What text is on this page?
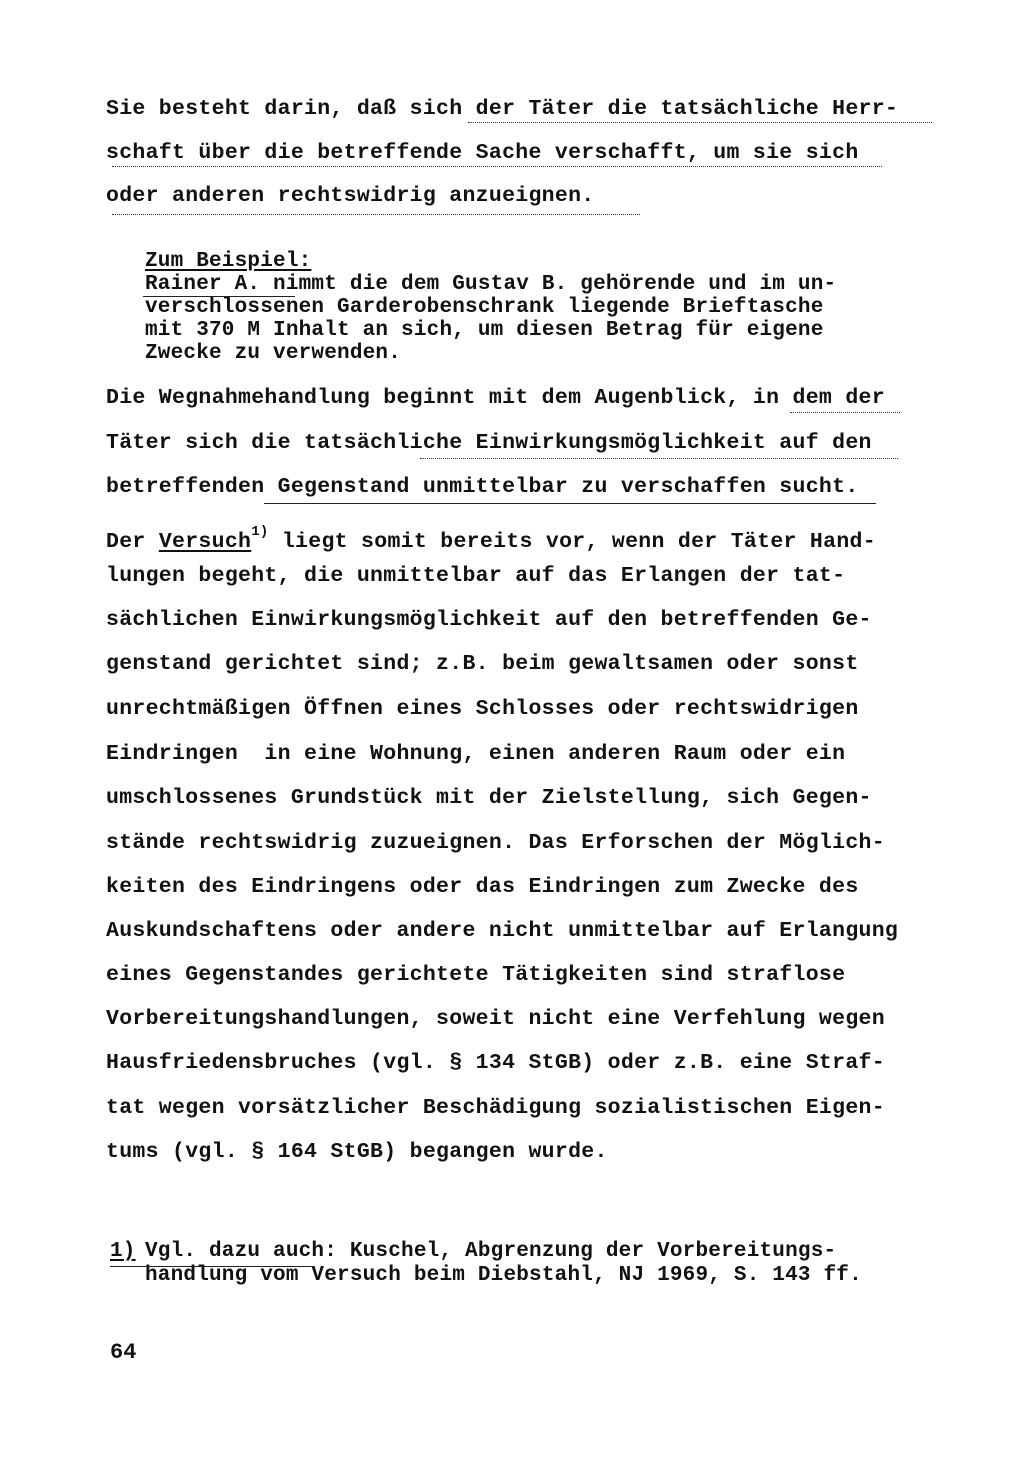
Sie besteht darin, daß sich der Täter die tatsächliche Herr-
schaft über die betreffende Sache verschafft, um sie sich
oder anderen rechtswidrig anzueignen.
Zum Beispiel:
Rainer A. nimmt die dem Gustav B. gehörende und im un-
verschlossenen Garderobenschrank liegende Brieftasche
mit 370 M Inhalt an sich, um diesen Betrag für eigene
Zwecke zu verwenden.
Die Wegnahmehandlung beginnt mit dem Augenblick, in dem der
Täter sich die tatsächliche Einwirkungsmöglichkeit auf den
betreffenden Gegenstand unmittelbar zu verschaffen sucht.
Der Versuch$^{1)}$ liegt somit bereits vor, wenn der Täter Hand-
lungen begeht, die unmittelbar auf das Erlangen der tat-
sächlichen Einwirkungsmöglichkeit auf den betreffenden Ge-
genstand gerichtet sind; z.B. beim gewaltsamen oder sonst
unrechtmäßigen Öffnen eines Schlosses oder rechtswidrigen
Eindringen  in eine Wohnung, einen anderen Raum oder ein
umschlossenes Grundstück mit der Zielstellung, sich Gegen-
stände rechtswidrig zuzueignen. Das Erforschen der Möglich-
keiten des Eindringens oder das Eindringen zum Zwecke des
Auskundschaftens oder andere nicht unmittelbar auf Erlangung
eines Gegenstandes gerichtete Tätigkeiten sind straflose
Vorbereitungshandlungen, soweit nicht eine Verfehlung wegen
Hausfriedensbruches (vgl. § 134 StGB) oder z.B. eine Straf-
tat wegen vorsätzlicher Beschädigung sozialistischen Eigen-
tums (vgl. § 164 StGB) begangen wurde.
1) Vgl. dazu auch: Kuschel, Abgrenzung der Vorbereitungs-
handlung vom Versuch beim Diebstahl, NJ 1969, S. 143 ff.
64
